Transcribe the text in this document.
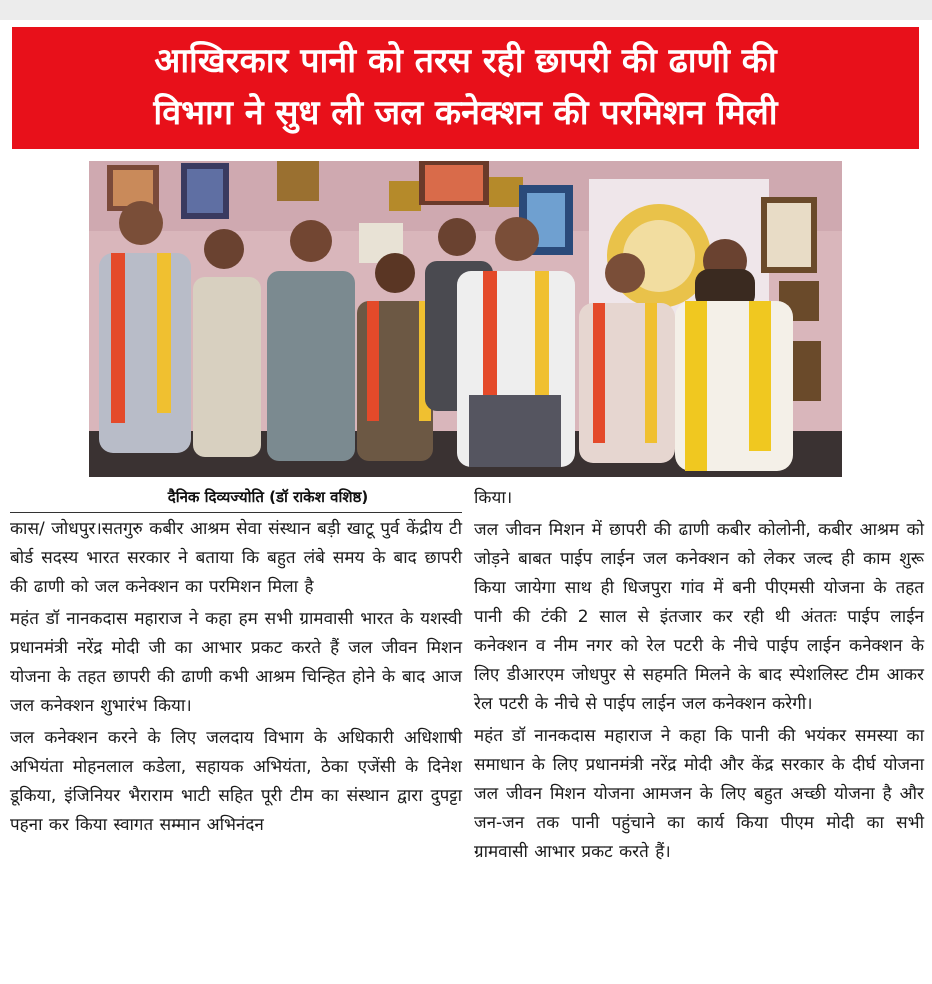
आखिरकार पानी को तरस रही छापरी की ढाणी की
विभाग ने सुध ली जल कनेक्शन की परमिशन मिली
दैनिक दिव्यज्योति (डॉ राकेश वशिष्ठ)

कास/ जोधपुर।सतगुरु कबीर आश्रम सेवा संस्थान बड़ी खाटू पुर्व केंद्रीय टी बोर्ड सदस्य भारत सरकार ने बताया कि बहुत लंबे समय के बाद छापरी की ढाणी को जल कनेक्शन का परमिशन मिला है

महंत डॉ नानकदास महाराज ने कहा हम सभी ग्रामवासी भारत के यशस्वी प्रधानमंत्री नरेंद्र मोदी जी का आभार प्रकट करते हैं जल जीवन मिशन योजना के तहत छापरी की ढाणी कभी आश्रम चिन्हित होने के बाद आज जल कनेक्शन शुभारंभ किया।

जल कनेक्शन करने के लिए जलदाय विभाग के अधिकारी अधिशाषी अभियंता मोहनलाल कडेला, सहायक अभियंता, ठेका एजेंसी के दिनेश डूकिया, इंजिनियर भैराराम भाटी सहित पूरी टीम का संस्थान द्वारा दुपट्टा पहना कर किया स्वागत सम्मान अभिनंदन

किया।

जल जीवन मिशन में छापरी की ढाणी कबीर कोलोनी, कबीर आश्रम को जोड़ने बाबत पाईप लाईन जल कनेक्शन को लेकर जल्द ही काम शुरू किया जायेगा साथ ही धिजपुरा गांव में बनी पीएमसी योजना के तहत पानी की टंकी 2 साल से इंतजार कर रही थी अंततः पाईप लाईन कनेक्शन व नीम नगर को रेल पटरी के नीचे पाईप लाईन कनेक्शन के लिए डीआरएम जोधपुर से सहमति मिलने के बाद स्पेशलिस्ट टीम आकर रेल पटरी के नीचे से पाईप लाईन जल कनेक्शन करेगी।

महंत डॉ नानकदास महाराज ने कहा कि पानी की भयंकर समस्या का समाधान के लिए प्रधानमंत्री नरेंद्र मोदी और केंद्र सरकार के दीर्घ योजना जल जीवन मिशन योजना आमजन के लिए बहुत अच्छी योजना है और जन-जन तक पानी पहुंचाने का कार्य किया पीएम मोदी का सभी ग्रामवासी आभार प्रकट करते हैं।
